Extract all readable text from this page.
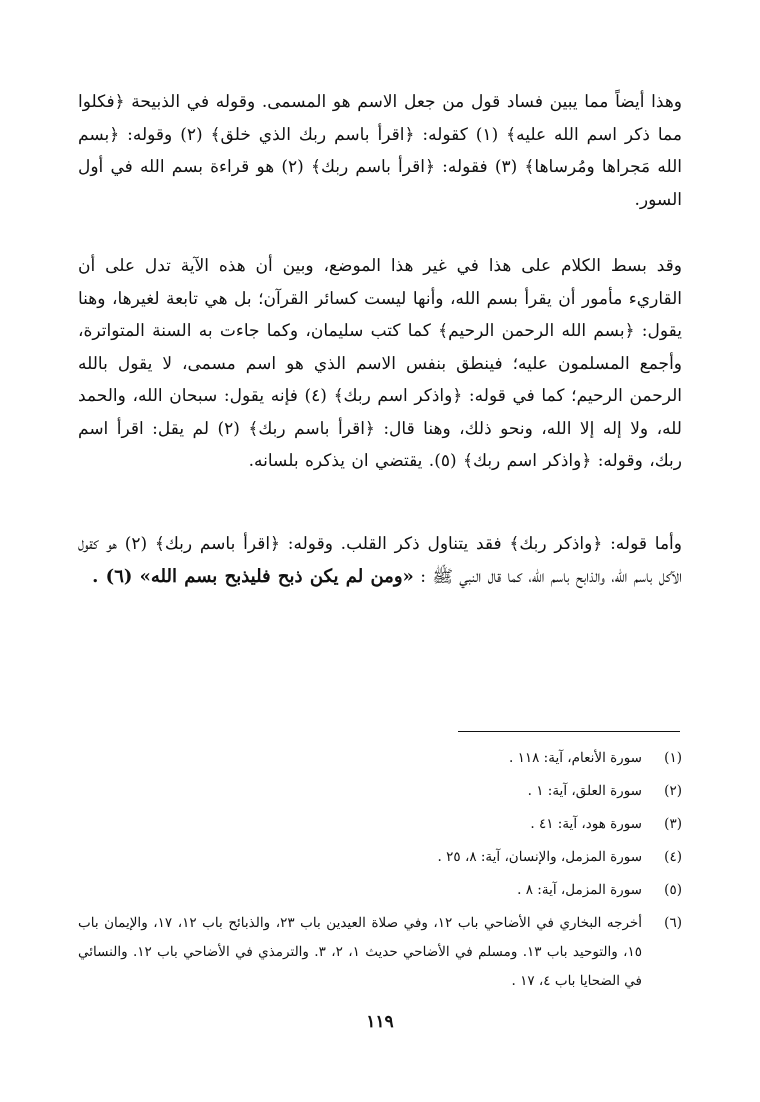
وهذا أيضاً مما يبين فساد قول من جعل الاسم هو المسمى. وقوله في الذبيحة ﴿فكلوا مما ذكر اسم الله عليه﴾ (١) كقوله: ﴿اقرأ باسم ربك الذي خلق﴾ (٢) وقوله: ﴿بسم الله مَجراها ومُرساها﴾ (٣) فقوله: ﴿اقرأ باسم ربك﴾ (٢) هو قراءة بسم الله في أول السور.

وقد بسط الكلام على هذا في غير هذا الموضع، وبين أن هذه الآية تدل على أن القاريء مأمور أن يقرأ بسم الله، وأنها ليست كسائر القرآن؛ بل هي تابعة لغيرها، وهنا يقول: ﴿بسم الله الرحمن الرحيم﴾ كما كتب سليمان، وكما جاءت به السنة المتواترة، وأجمع المسلمون عليه؛ فينطق بنفس الاسم الذي هو اسم مسمى، لا يقول بالله الرحمن الرحيم؛ كما في قوله: ﴿واذكر اسم ربك﴾ (٤) فإنه يقول: سبحان الله، والحمد لله، ولا إله إلا الله، ونحو ذلك، وهنا قال: ﴿اقرأ باسم ربك﴾ (٢) لم يقل: اقرأ اسم ربك، وقوله: ﴿واذكر اسم ربك﴾ (٥). يقتضي ان يذكره بلسانه.

وأما قوله: ﴿واذكر ربك﴾ فقد يتناول ذكر القلب. وقوله: ﴿اقرأ باسم ربك﴾ (٢) هو كقول الآكل باسم الله، والذابح باسم الله، كما قال النبي ﷺ : «ومن لم يكن ذبح فليذبح بسم الله» (٦) .

(١)
سورة الأنعام، آية: ١١٨ .
(٢)
سورة العلق، آية: ١ .
(٣)
سورة هود، آية: ٤١ .
(٤)
سورة المزمل، والإنسان، آية: ٨، ٢٥ .
(٥)
سورة المزمل، آية: ٨ .
(٦)
أخرجه البخاري في الأضاحي باب ١٢، وفي صلاة العيدين باب ٢٣، والذبائح باب ١٢، ١٧، والإيمان باب ١٥، والتوحيد باب ١٣. ومسلم في الأضاحي حديث ١، ٢، ٣. والترمذي في الأضاحي باب ١٢. والنسائي في الضحايا باب ٤، ١٧ .
١١٩
